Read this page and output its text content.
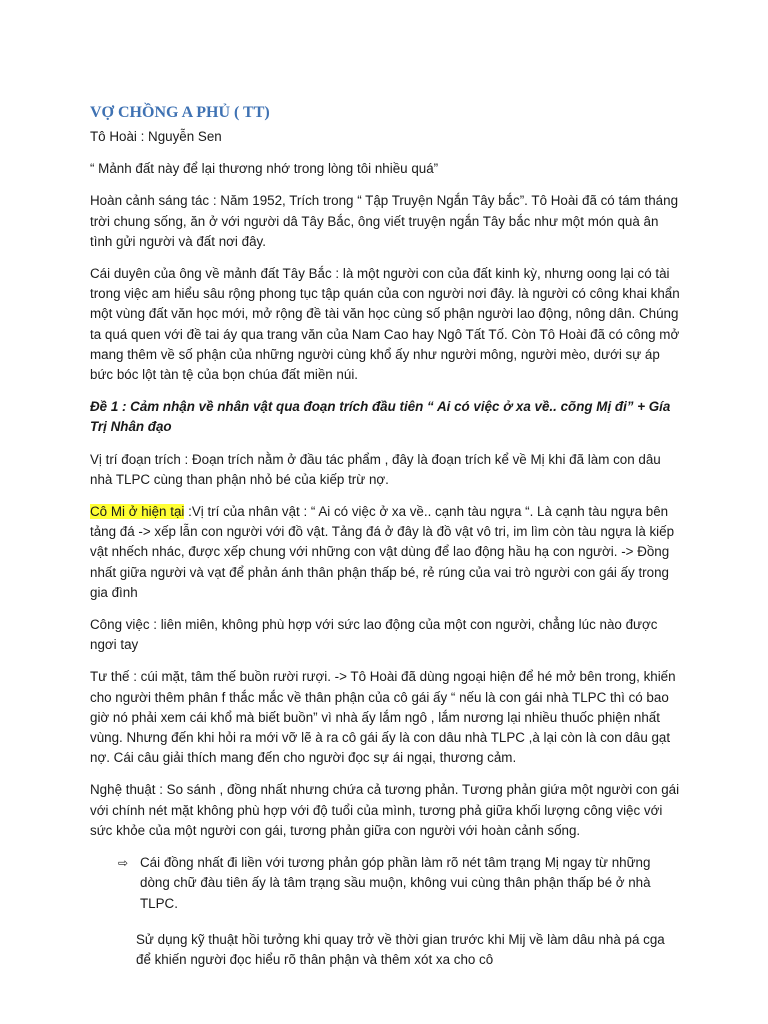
VỢ CHỒNG A PHỦ ( TT)

Tô Hoài : Nguyễn Sen

“ Mảnh đất này để lại thương nhớ trong lòng tôi nhiều quá”

Hoàn cảnh sáng tác : Năm 1952, Trích trong “ Tập Truyện Ngắn Tây bắc”. Tô Hoài đã có tám tháng trời chung sống, ăn ở với người dâ Tây Bắc, ông viết truyện ngắn Tây bắc như một món quà ân tình gửi người và đất nơi đây.

Cái duyên của ông về mảnh đất Tây Bắc : là một người con của đất kinh kỳ, nhưng oong lại có tài trong việc am hiểu sâu rộng phong tục tập quán của con người nơi đây. là người có công khai khẩn một vùng đất văn học mới, mở rộng đề tài văn học cùng số phận người lao động, nông dân. Chúng ta quá quen với đề tai áy qua trang văn của Nam Cao hay Ngô Tất Tố. Còn Tô Hoài đã có công mở mang thêm về số phận của những người cùng khổ ấy như người mông, người mèo, dưới sự áp bức bóc lột tàn tệ của bọn chúa đất miền núi.

Đề 1 : Cảm nhận về nhân vật qua đoạn trích đầu tiên “ Ai có việc ở xa về.. cõng Mị đi” + Gía Trị Nhân đạo

Vị trí đoạn trích : Đoạn trích nằm ở đầu tác phẩm , đây là đoạn trích kể về Mị khi đã làm con dâu nhà TLPC cùng than phận nhỏ bé của kiếp trừ nợ.

Cô Mi ở hiện tại :Vị trí của nhân vật : “ Ai có việc ở xa về.. cạnh tàu ngựa “. Là cạnh tàu ngựa bên tảng đá -> xếp lẫn con người với đồ vật. Tảng đá ở đây là đồ vật vô tri, im lìm còn tàu ngựa là kiếp vật nhếch nhác, được xếp chung với những con vật dùng để lao động hầu hạ con người. -> Đồng nhất giữa người và vạt để phản ánh thân phận thấp bé, rẻ rúng của vai trò người con gái ấy trong gia đình

Công việc : liên miên, không phù hợp với sức lao động của một con người, chẳng lúc nào được ngơi tay

Tư thế : cúi mặt, tâm thế buồn rười rượi. -> Tô Hoài đã dùng ngoại hiện để hé mở bên trong, khiến cho người thêm phân f thắc mắc về thân phận của cô gái ấy “ nếu là con gái nhà TLPC thì có bao giờ nó phải xem cái khổ mà biết buồn” vì nhà ấy lắm ngô , lắm nương lại nhiều thuốc phiện nhất vùng. Nhưng đến khi hỏi ra mới vỡ lẽ à ra cô gái ấy là con dâu nhà TLPC ,à lại còn là con dâu gạt nợ. Cái câu giải thích mang đến cho người đọc sự ái ngại, thương cảm.

Nghệ thuật : So sánh , đồng nhất nhưng chứa cả tương phản. Tương phản giứa một người con gái với chính nét mặt không phù hợp với độ tuổi của mình, tương phả giữa khối lượng công việc với sức khỏe của một người con gái, tương phản giữa con người với hoàn cảnh sống.

⇨ Cái đồng nhất đi liền với tương phản góp phần làm rõ nét tâm trạng Mị ngay từ những dòng chữ đàu tiên ấy là tâm trạng sầu muộn, không vui cùng thân phận thấp bé ở nhà TLPC.

Sử dụng kỹ thuật hồi tưởng khi quay trở về thời gian trước khi Mij về làm dâu nhà pá cga để khiến người đọc hiểu rõ thân phận và thêm xót xa cho cô
